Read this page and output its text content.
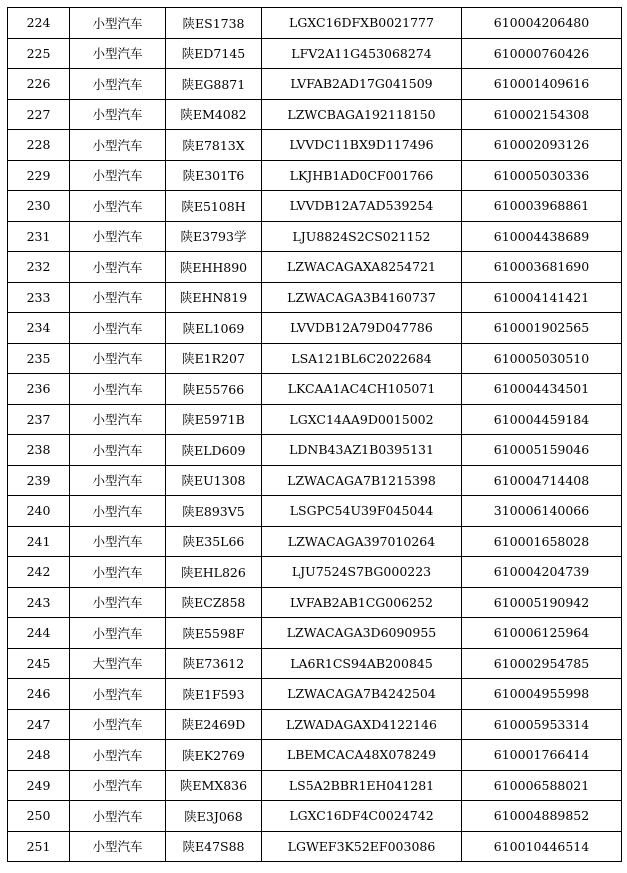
224	小型汽车	陕ES1738	LGXC16DFXB0021777	610004206480
225	小型汽车	陕ED7145	LFV2A11G453068274	610000760426
226	小型汽车	陕EG8871	LVFAB2AD17G041509	610001409616
227	小型汽车	陕EM4082	LZWCBAGA192118150	610002154308
228	小型汽车	陕E7813X	LVVDC11BX9D117496	610002093126
229	小型汽车	陕E301T6	LKJHB1AD0CF001766	610005030336
230	小型汽车	陕E5108H	LVVDB12A7AD539254	610003968861
231	小型汽车	陕E3793学	LJU8824S2CS021152	610004438689
232	小型汽车	陕EHH890	LZWACAGAXA8254721	610003681690
233	小型汽车	陕EHN819	LZWACAGA3B4160737	610004141421
234	小型汽车	陕EL1069	LVVDB12A79D047786	610001902565
235	小型汽车	陕E1R207	LSA121BL6C2022684	610005030510
236	小型汽车	陕E55766	LKCAA1AC4CH105071	610004434501
237	小型汽车	陕E5971B	LGXC14AA9D0015002	610004459184
238	小型汽车	陕ELD609	LDNB43AZ1B0395131	610005159046
239	小型汽车	陕EU1308	LZWACAGA7B1215398	610004714408
240	小型汽车	陕E893V5	LSGPC54U39F045044	310006140066
241	小型汽车	陕E35L66	LZWACAGA397010264	610001658028
242	小型汽车	陕EHL826	LJU7524S7BG000223	610004204739
243	小型汽车	陕ECZ858	LVFAB2AB1CG006252	610005190942
244	小型汽车	陕E5598F	LZWACAGA3D6090955	610006125964
245	大型汽车	陕E73612	LA6R1CS94AB200845	610002954785
246	小型汽车	陕E1F593	LZWACAGA7B4242504	610004955998
247	小型汽车	陕E2469D	LZWADAGAXD4122146	610005953314
248	小型汽车	陕EK2769	LBEMCACA48X078249	610001766414
249	小型汽车	陕EMX836	LS5A2BBR1EH041281	610006588021
250	小型汽车	陕E3J068	LGXC16DF4C0024742	610004889852
251	小型汽车	陕E47S88	LGWEF3K52EF003086	610010446514
